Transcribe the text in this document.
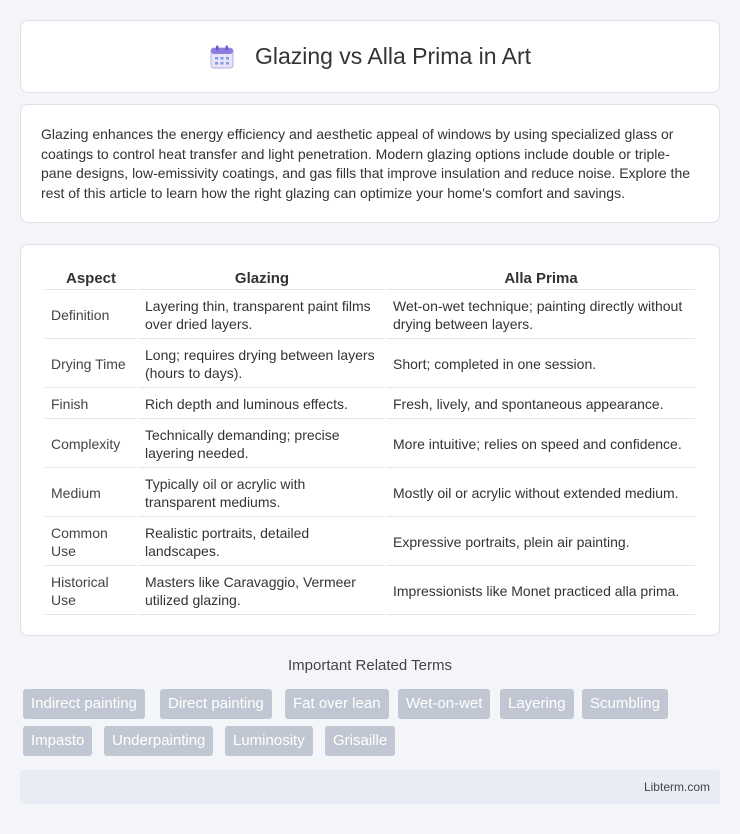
Glazing vs Alla Prima in Art

Glazing enhances the energy efficiency and aesthetic appeal of windows by using specialized glass or coatings to control heat transfer and light penetration. Modern glazing options include double or triple-pane designs, low-emissivity coatings, and gas fills that improve insulation and reduce noise. Explore the rest of this article to learn how the right glazing can optimize your home's comfort and savings.

Aspect	Glazing	Alla Prima
Definition	Layering thin, transparent paint films over dried layers.	Wet-on-wet technique; painting directly without drying between layers.
Drying Time	Long; requires drying between layers (hours to days).	Short; completed in one session.
Finish	Rich depth and luminous effects.	Fresh, lively, and spontaneous appearance.
Complexity	Technically demanding; precise layering needed.	More intuitive; relies on speed and confidence.
Medium	Typically oil or acrylic with transparent mediums.	Mostly oil or acrylic without extended medium.
Common Use	Realistic portraits, detailed landscapes.	Expressive portraits, plein air painting.
Historical Use	Masters like Caravaggio, Vermeer utilized glazing.	Impressionists like Monet practiced alla prima.
Important Related Terms
Indirect painting	Direct painting	Fat over lean	Wet-on-wet	Layering	Scumbling
Impasto	Underpainting	Luminosity	Grisaille
Libterm.com
